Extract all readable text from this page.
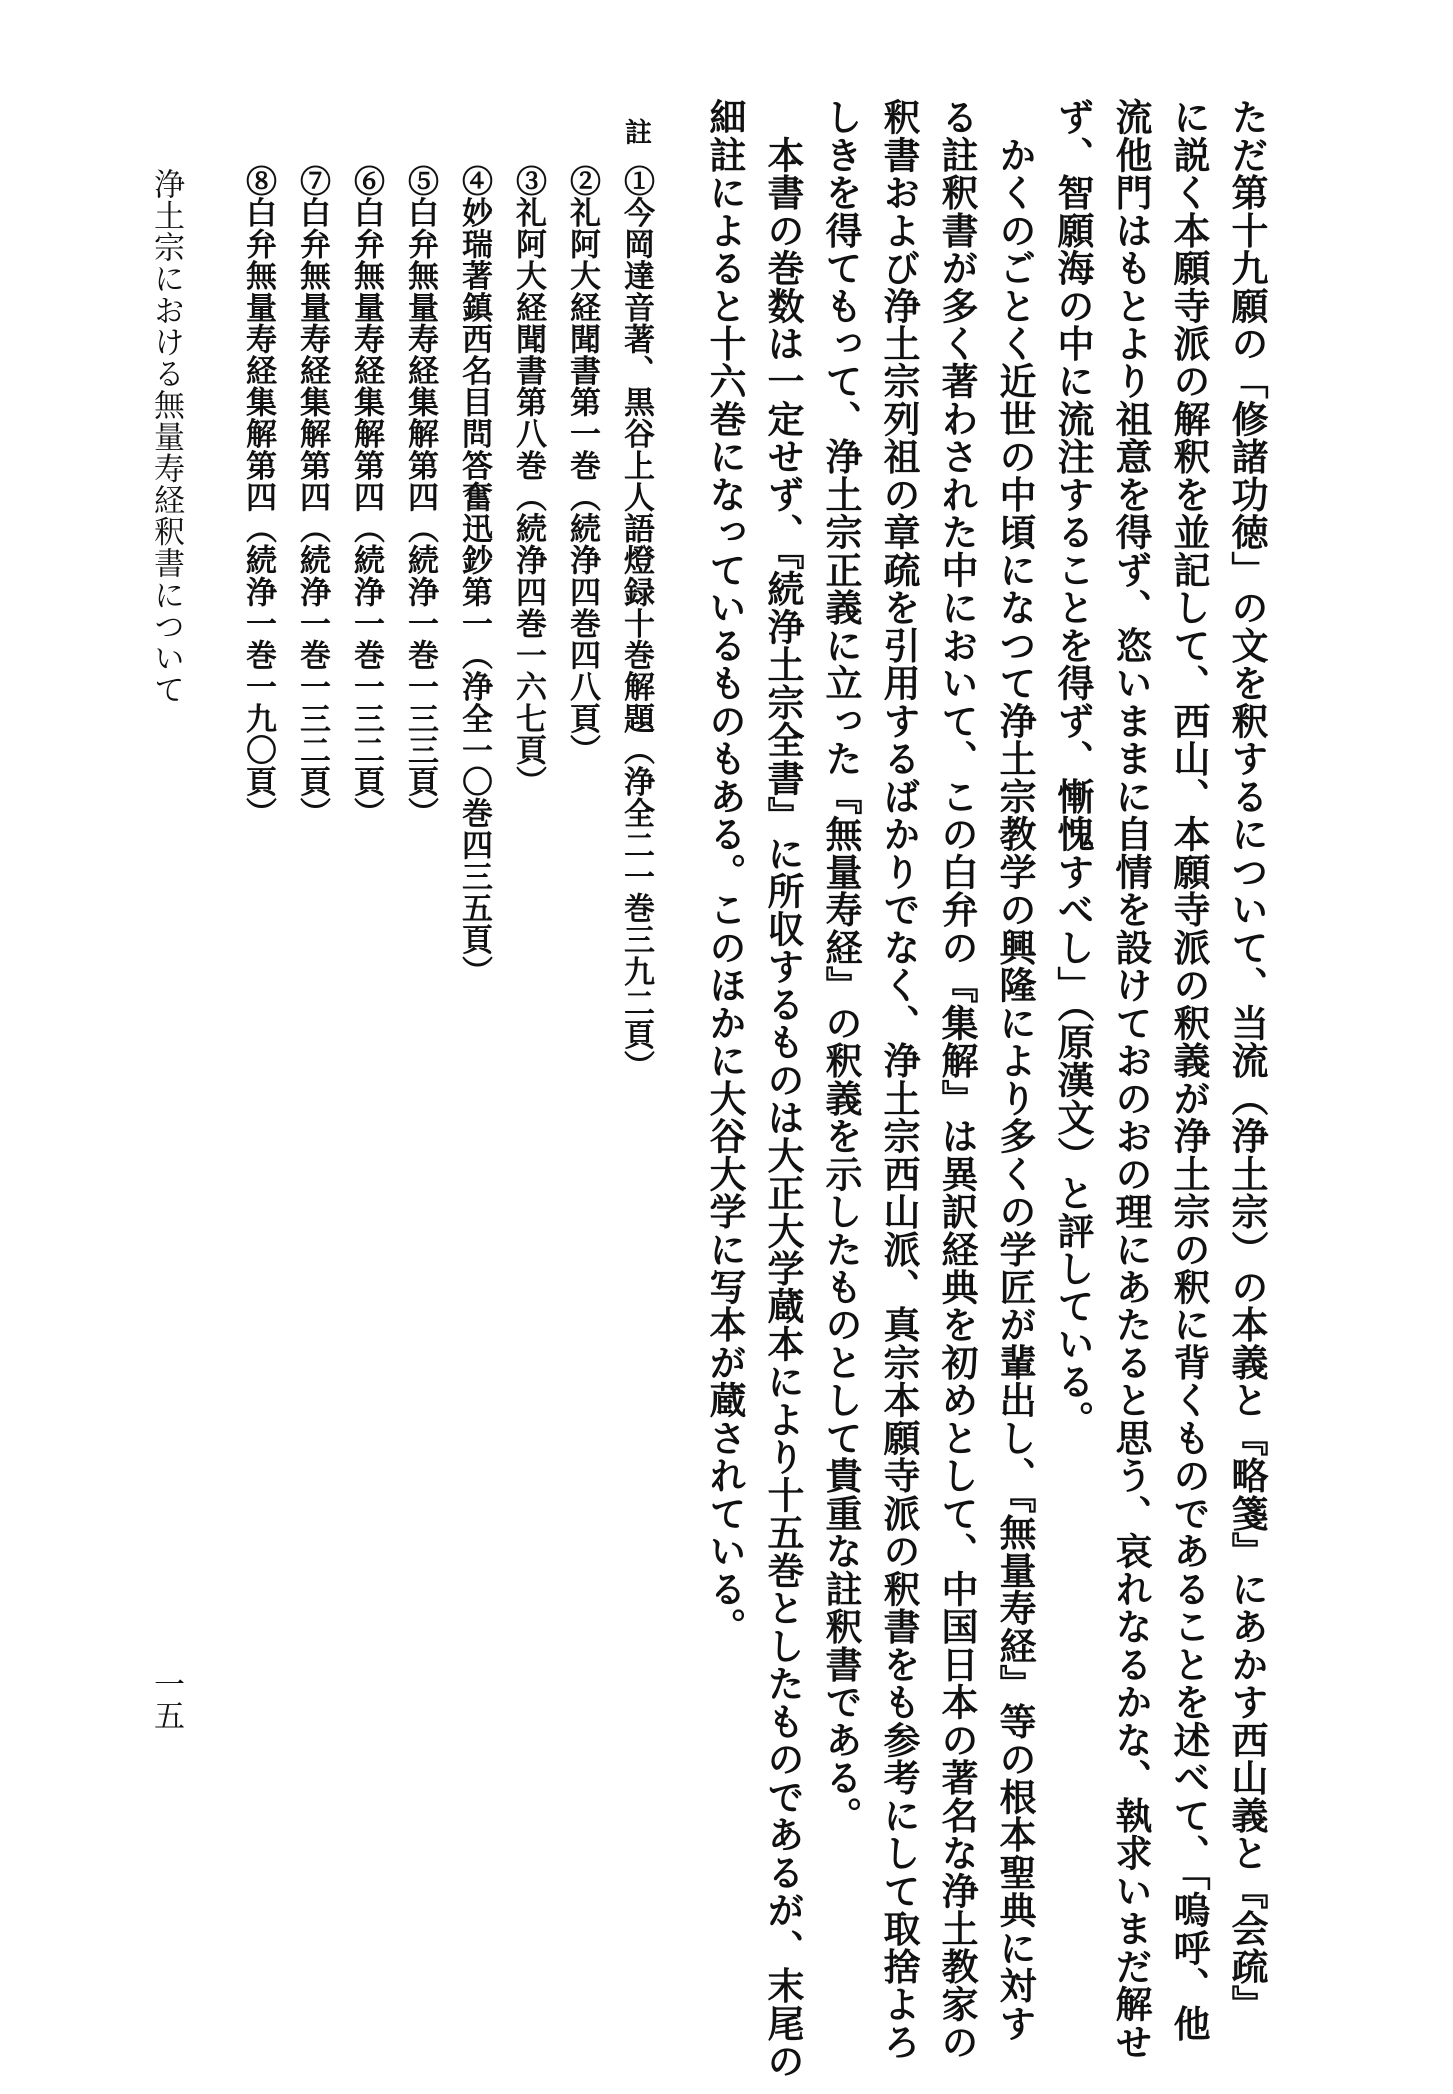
ただ第十九願の「修諸功徳」の文を釈するについて、当流（浄土宗）の本義と『略箋』にあかす西山義と『会疏』
に説く本願寺派の解釈を並記して、西山、本願寺派の釈義が浄土宗の釈に背くものであることを述べて、「嗚呼、他
流他門はもとより祖意を得ず、恣いままに自情を設けておのおの理にあたると思う、哀れなるかな、執求いまだ解せ
ず、智願海の中に流注することを得ず、慚愧すべし」（原漢文）と評している。
　かくのごとく近世の中頃になつて浄土宗教学の興隆により多くの学匠が輩出し、『無量寿経』等の根本聖典に対す
る註釈書が多く著わされた中において、この白弁の『集解』は異訳経典を初めとして、中国日本の著名な浄土教家の
釈書および浄土宗列祖の章疏を引用するばかりでなく、浄土宗西山派、真宗本願寺派の釈書をも参考にして取捨よろ
しきを得てもって、浄土宗正義に立った『無量寿経』の釈義を示したものとして貴重な註釈書である。
　本書の巻数は一定せず、『続浄土宗全書』に所収するものは大正大学蔵本により十五巻としたものであるが、末尾の
細註によると十六巻になっているものもある。このほかに大谷大学に写本が蔵されている。
註
①今岡達音著、黒谷上人語燈録十巻解題（浄全二一巻三九二頁）
②礼阿大経聞書第一巻（続浄四巻四八頁）
③礼阿大経聞書第八巻（続浄四巻一六七頁）
④妙瑞著鎮西名目問答奮迅鈔第一（浄全一〇巻四三五頁）
⑤白弁無量寿経集解第四（続浄一巻一三三頁）
⑥白弁無量寿経集解第四（続浄一巻一三二頁）
⑦白弁無量寿経集解第四（続浄一巻一三二頁）
⑧白弁無量寿経集解第四（続浄一巻一九〇頁）
浄土宗における無量寿経釈書について
一五
